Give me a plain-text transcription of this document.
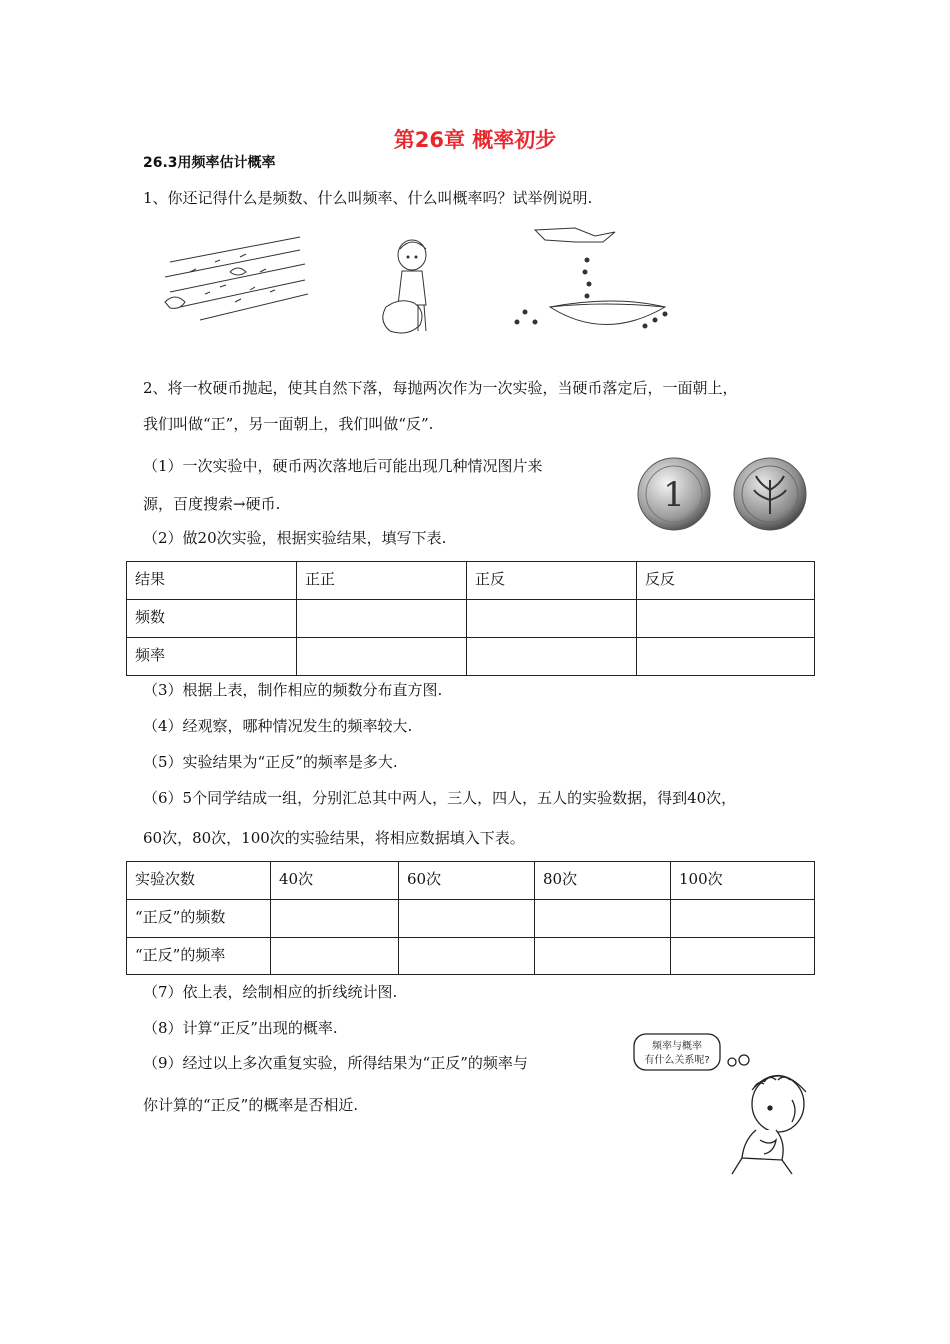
第26章 概率初步
26.3用频率估计概率
1、你还记得什么是频数、什么叫频率、什么叫概率吗？试举例说明.
2、将一枚硬币抛起，使其自然下落，每抛两次作为一次实验，当硬币落定后，一面朝上，
我们叫做“正”，另一面朝上，我们叫做“反”.
（1）一次实验中，硬币两次落地后可能出现几种情况图片来
源，百度搜索→硬币.	1
（2）做20次实验，根据实验结果，填写下表.
结果	正正	正反	反反
频数			
频率			
（3）根据上表，制作相应的频数分布直方图.
（4）经观察，哪种情况发生的频率较大.
（5）实验结果为“正反”的频率是多大.
（6）5个同学结成一组，分别汇总其中两人，三人，四人，五人的实验数据，得到40次，
60次，80次，100次的实验结果，将相应数据填入下表。
实验次数	40次	60次	80次	100次
“正反”的频数				
“正反”的频率				
（7）依上表，绘制相应的折线统计图.
（8）计算“正反”出现的概率.
（9）经过以上多次重复实验，所得结果为“正反”的频率与
你计算的“正反”的概率是否相近.
频率与概率
有什么关系呢?
